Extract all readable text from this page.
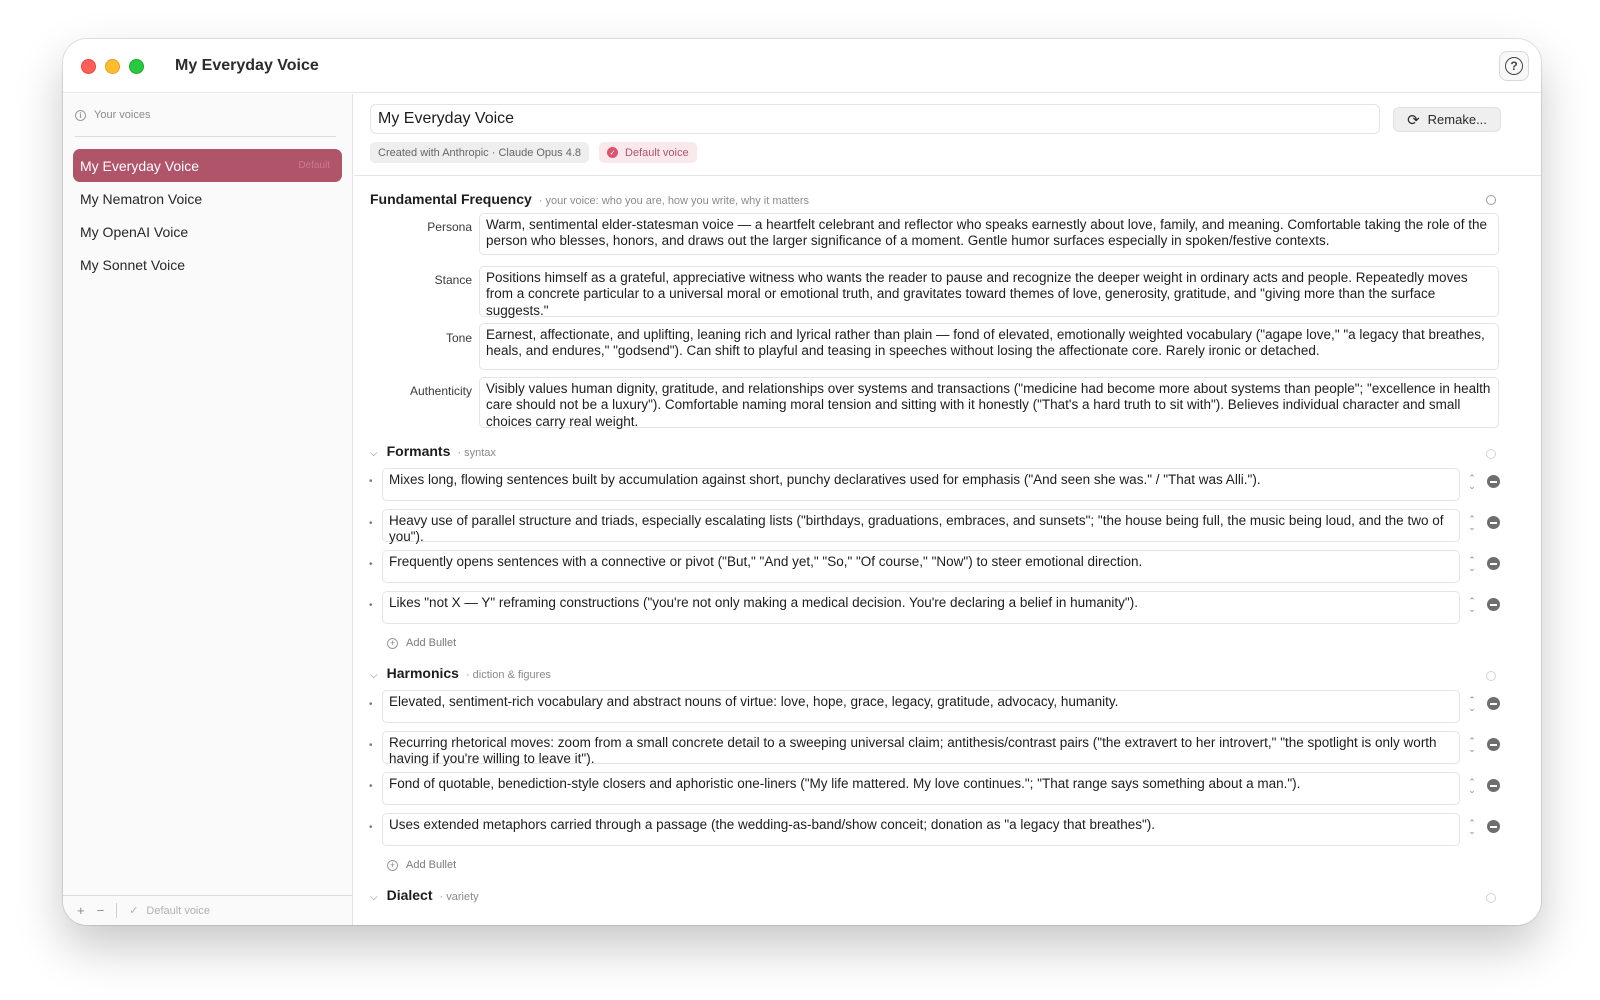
My Everyday Voice	?
i	Your voices
My Everyday Voice	Default
My Nematron Voice
My OpenAI Voice
My Sonnet Voice
+ − ✓ Default voice
My Everyday Voice
⟳ Remake...
Created with Anthropic · Claude Opus 4.8	✓ Default voice
Fundamental Frequency · your voice: who you are, how you write, why it matters
Persona	Warm, sentimental elder-statesman voice — a heartfelt celebrant and reflector who speaks earnestly about love, family, and meaning. Comfortable taking the role of the person who blesses, honors, and draws out the larger significance of a moment. Gentle humor surfaces especially in spoken/festive contexts.
Stance	Positions himself as a grateful, appreciative witness who wants the reader to pause and recognize the deeper weight in ordinary acts and people. Repeatedly moves from a concrete particular to a universal moral or emotional truth, and gravitates toward themes of love, generosity, gratitude, and "giving more than the surface suggests."
Tone	Earnest, affectionate, and uplifting, leaning rich and lyrical rather than plain — fond of elevated, emotionally weighted vocabulary ("agape love," "a legacy that breathes, heals, and endures," "godsend"). Can shift to playful and teasing in speeches without losing the affectionate core. Rarely ironic or detached.
Authenticity	Visibly values human dignity, gratitude, and relationships over systems and transactions ("medicine had become more about systems than people"; "excellence in health care should not be a luxury"). Comfortable naming moral tension and sitting with it honestly ("That's a hard truth to sit with"). Believes individual character and small choices carry real weight.
⌵ Formants · syntax
•	Mixes long, flowing sentences built by accumulation against short, punchy declaratives used for emphasis ("And seen she was." / "That was Alli.").	⌃
⌄
•	Heavy use of parallel structure and triads, especially escalating lists ("birthdays, graduations, embraces, and sunsets"; "the house being full, the music being loud, and the two of you").
⌃
⌄
•	Frequently opens sentences with a connective or pivot ("But," "And yet," "So," "Of course," "Now") to steer emotional direction.	⌃
⌄
•	Likes "not X — Y" reframing constructions ("you're not only making a medical decision. You're declaring a belief in humanity").	⌃
⌄
+ Add Bullet
⌵ Harmonics · diction & figures
•	Elevated, sentiment-rich vocabulary and abstract nouns of virtue: love, hope, grace, legacy, gratitude, advocacy, humanity.	⌃
⌄
•	Recurring rhetorical moves: zoom from a small concrete detail to a sweeping universal claim; antithesis/contrast pairs ("the extravert to her introvert," "the spotlight is only worth having if you're willing to leave it").
⌃
⌄
•	Fond of quotable, benediction-style closers and aphoristic one-liners ("My life mattered. My love continues."; "That range says something about a man.").	⌃
⌄
•	Uses extended metaphors carried through a passage (the wedding-as-band/show conceit; donation as "a legacy that breathes").	⌃
⌄
+ Add Bullet
⌵ Dialect · variety
